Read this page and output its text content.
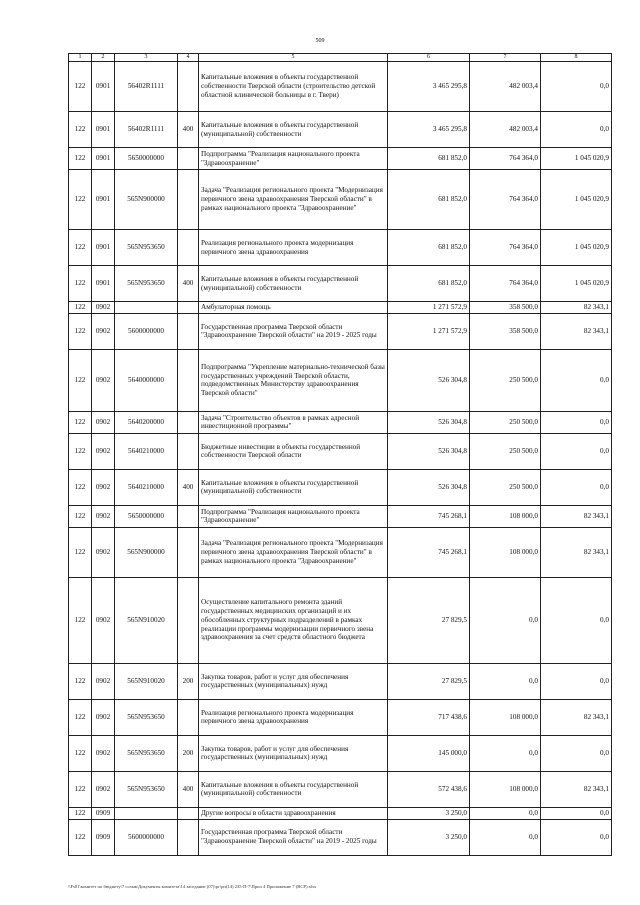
509
1	2	3	4	5	6	7	8
122	0901	56402R1111		Капитальные вложения в объекты государственной собственности Тверской области (строительство детской областной клинической больницы в г. Твери)	3 465 295,8	482 003,4	0,0
122	0901	56402R1111	400	Капитальные вложения в объекты государственной (муниципальной) собственности	3 465 295,8	482 003,4	0,0
122	0901	5650000000		Подпрограмма "Реализация национального проекта "Здравоохранение"	681 852,0	764 364,0	1 045 020,9
122	0901	565N900000		Задача "Реализация регионального проекта "Модернизация первичного звена здравоохранения Тверской области" в рамках национального проекта "Здравоохранение"	681 852,0	764 364,0	1 045 020,9
122	0901	565N953650		Реализация регионального проекта модернизация первичного звена здравоохранения	681 852,0	764 364,0	1 045 020,9
122	0901	565N953650	400	Капитальные вложения в объекты государственной (муниципальной) собственности	681 852,0	764 364,0	1 045 020,9
122	0902			Амбулаторная помощь	1 271 572,9	358 500,0	82 343,1
122	0902	5600000000		Государственная программа Тверской области "Здравоохранение Тверской области" на 2019 - 2025 годы	1 271 572,9	358 500,0	82 343,1
122	0902	5640000000		Подпрограмма "Укрепление материально-технической базы государственных учреждений Тверской области, подведомственных Министерству здравоохранения Тверской области"	526 304,8	250 500,0	0,0
122	0902	5640200000		Задача "Строительство объектов в рамках адресной инвестиционной программы"	526 304,8	250 500,0	0,0
122	0902	5640210000		Бюджетные инвестиции в объекты государственной собственности Тверской области	526 304,8	250 500,0	0,0
122	0902	5640210000	400	Капитальные вложения в объекты государственной (муниципальной) собственности	526 304,8	250 500,0	0,0
122	0902	5650000000		Подпрограмма "Реализация национального проекта "Здравоохранение"	745 268,1	108 000,0	82 343,1
122	0902	565N900000		Задача "Реализация регионального проекта "Модернизация первичного звена здравоохранения Тверской области" в рамках национального проекта "Здравоохранение"	745 268,1	108 000,0	82 343,1
122	0902	565N910020		Осуществление капитального ремонта зданий государственных медицинских организаций и их обособленных структурных подразделений в рамках реализации программы модернизации первичного звена здравоохранения за счет средств областного бюджета	27 829,5	0,0	0,0
122	0902	565N910020	200	Закупка товаров, работ и услуг для обеспечения государственных (муниципальных) нужд	27 829,5	0,0	0,0
122	0902	565N953650		Реализация регионального проекта модернизация первичного звена здравоохранения	717 438,6	108 000,0	82 343,1
122	0902	565N953650	200	Закупка товаров, работ и услуг для обеспечения государственных (муниципальных) нужд	145 000,0	0,0	0,0
122	0902	565N953650	400	Капитальные вложения в объекты государственной (муниципальной) собственности	572 438,6	108 000,0	82 343,1
122	0909			Другие вопросы в области здравоохранения	3 250,0	0,0	0,0
122	0909	5600000000		Государственная программа Тверской области "Здравоохранение Тверской области" на 2019 - 2025 годы	3 250,0	0,0	0,0
\\Fs01\комитет по бюджету\7 созыв\Документы комитета\14 заседание (07)\рг\рп(14) 235-П-7\Прил 4 Приложение 7 (ВСР).xlsx
